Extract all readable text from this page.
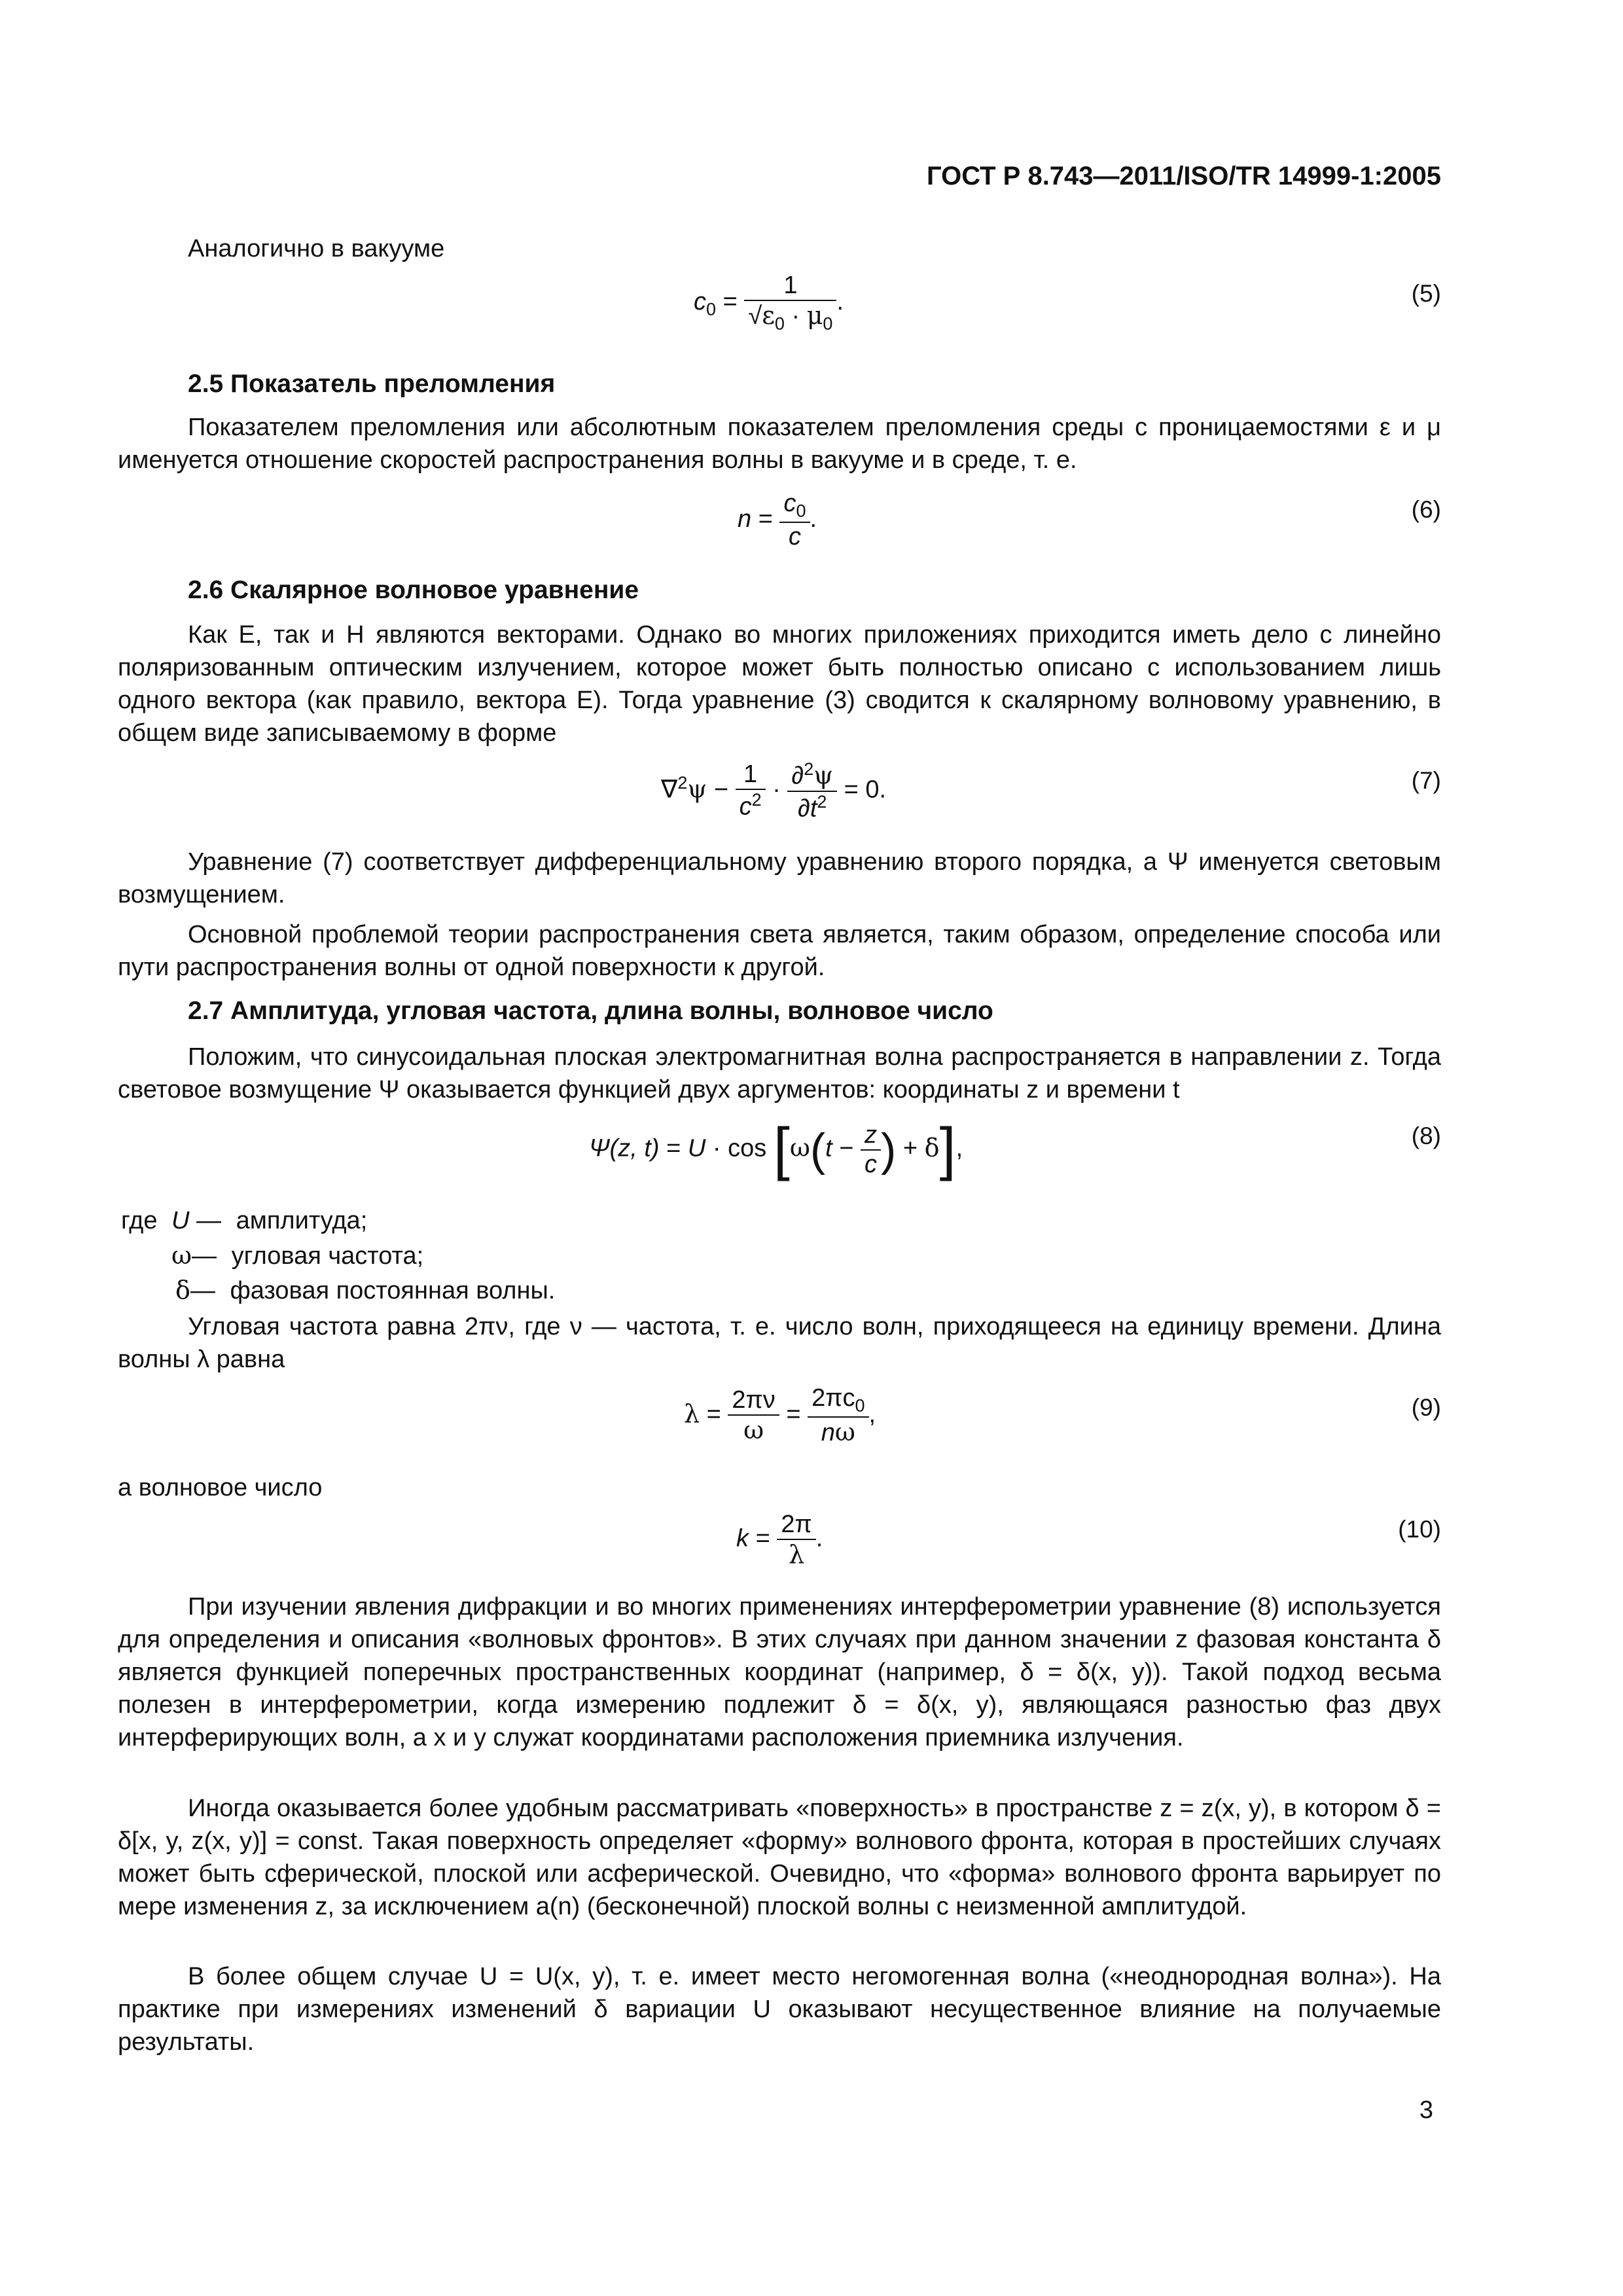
ГОСТ Р 8.743—2011/ISO/TR 14999-1:2005
Аналогично в вакууме
$c_0 = \frac{1}{√\varepsilon_0 \cdot \mu_0}$ .	(5)
2.5 Показатель преломления
Показателем преломления или абсолютным показателем преломления среды с проницаемостями ε и μ именуется отношение скоростей распространения волны в вакууме и в среде, т. е.
$n = \frac{c_0}{c}$ .	(6)
2.6 Скалярное волновое уравнение
Как E, так и H являются векторами. Однако во многих приложениях приходится иметь дело с линейно поляризованным оптическим излучением, которое может быть полностью описано с использованием лишь одного вектора (как правило, вектора E). Тогда уравнение (3) сводится к скалярному волновому уравнению, в общем виде записываемому в форме
$\nabla^2\psi - \frac{1}{c^2} \cdot \frac{\partial^2\psi}{\partial t^2} = 0$.	(7)
Уравнение (7) соответствует дифференциальному уравнению второго порядка, а Ψ именуется световым возмущением.
Основной проблемой теории распространения света является, таким образом, определение способа или пути распространения волны от одной поверхности к другой.
2.7 Амплитуда, угловая частота, длина волны, волновое число
Положим, что синусоидальная плоская электромагнитная волна распространяется в направлении z. Тогда световое возмущение Ψ оказывается функцией двух аргументов: координаты z и времени t
Ψ(z, $t) = U \cdot \cos [\omega(t - \frac{z}{c}$ ) + δ],	(8)
где U — амплитуда;
ω— угловая частота;
δ— фазовая постоянная волны.
Угловая частота равна 2πν, где ν — частота, т. е. число волн, приходящееся на единицу времени. Длина волны λ равна
$\lambda = \frac{2\pi\nu}{\omega} = \frac{2\pi c_0}{n\omega}$ ,	(9)
а волновое число
$k = \frac{2\pi}{\lambda}$ .	(10)
При изучении явления дифракции и во многих применениях интерферометрии уравнение (8) используется для определения и описания «волновых фронтов». В этих случаях при данном значении z фазовая константа δ является функцией поперечных пространственных координат (например, δ = δ(x, y)). Такой подход весьма полезен в интерферометрии, когда измерению подлежит δ = δ(x, y), являющаяся разностью фаз двух интерферирующих волн, а x и y служат координатами расположения приемника излучения.
Иногда оказывается более удобным рассматривать «поверхность» в пространстве z = z(x, y), в котором δ = δ[x, y, z(x, y)] = const. Такая поверхность определяет «форму» волнового фронта, которая в простейших случаях может быть сферической, плоской или асферической. Очевидно, что «форма» волнового фронта варьирует по мере изменения z, за исключением a(n) (бесконечной) плоской волны с неизменной амплитудой.
В более общем случае U = U(x, y), т. е. имеет место негомогенная волна («неоднородная волна»). На практике при измерениях изменений δ вариации U оказывают несущественное влияние на получаемые результаты.
3
